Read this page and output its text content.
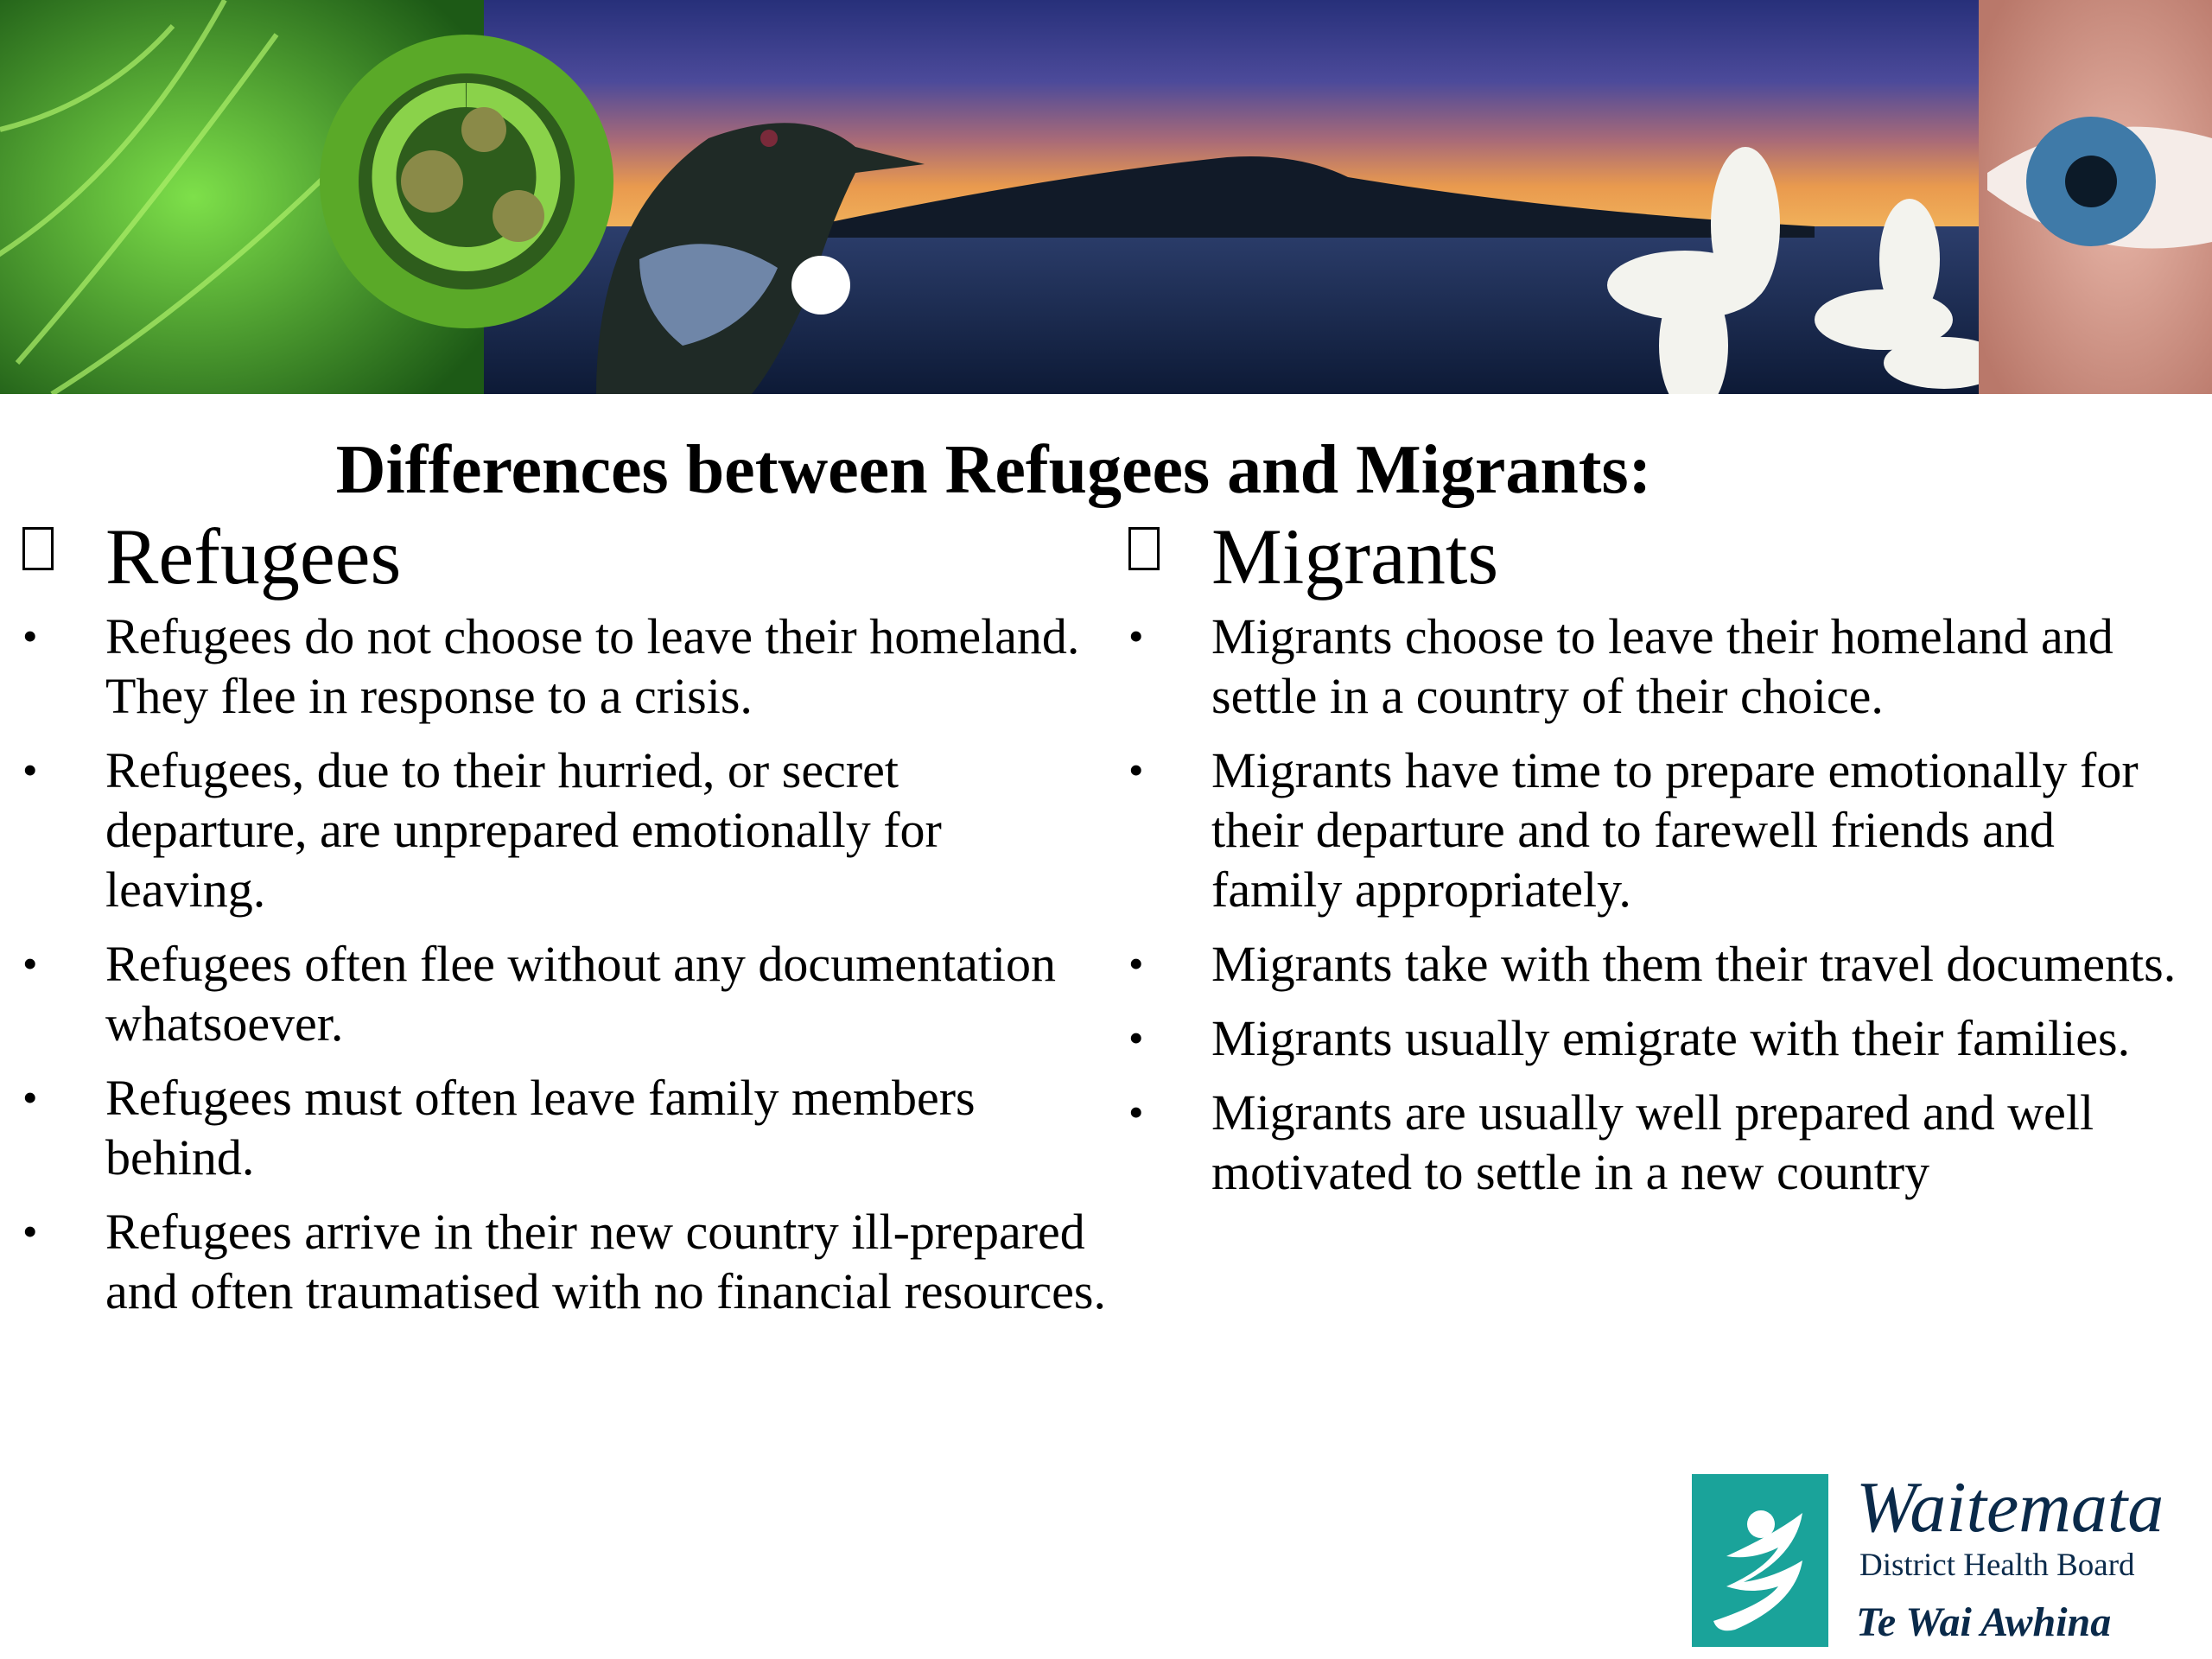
Differences between Refugees and Migrants:
Refugees
• Refugees do not choose to leave their homeland. They flee in response to a crisis.
• Refugees, due to their hurried, or secret departure, are unprepared emotionally for leaving.
• Refugees often flee without any documentation whatsoever.
• Refugees must often leave family members behind.
• Refugees arrive in their new country ill-prepared and often traumatised with no financial resources.
Migrants
• Migrants choose to leave their homeland and settle in a country of their choice.
• Migrants have time to prepare emotionally for their departure and to farewell friends and family appropriately.
• Migrants take with them their travel documents.
• Migrants usually emigrate with their families.
• Migrants are usually well prepared and well motivated to settle in a new country
Waitemata
District Health Board
Te Wai Awhina
